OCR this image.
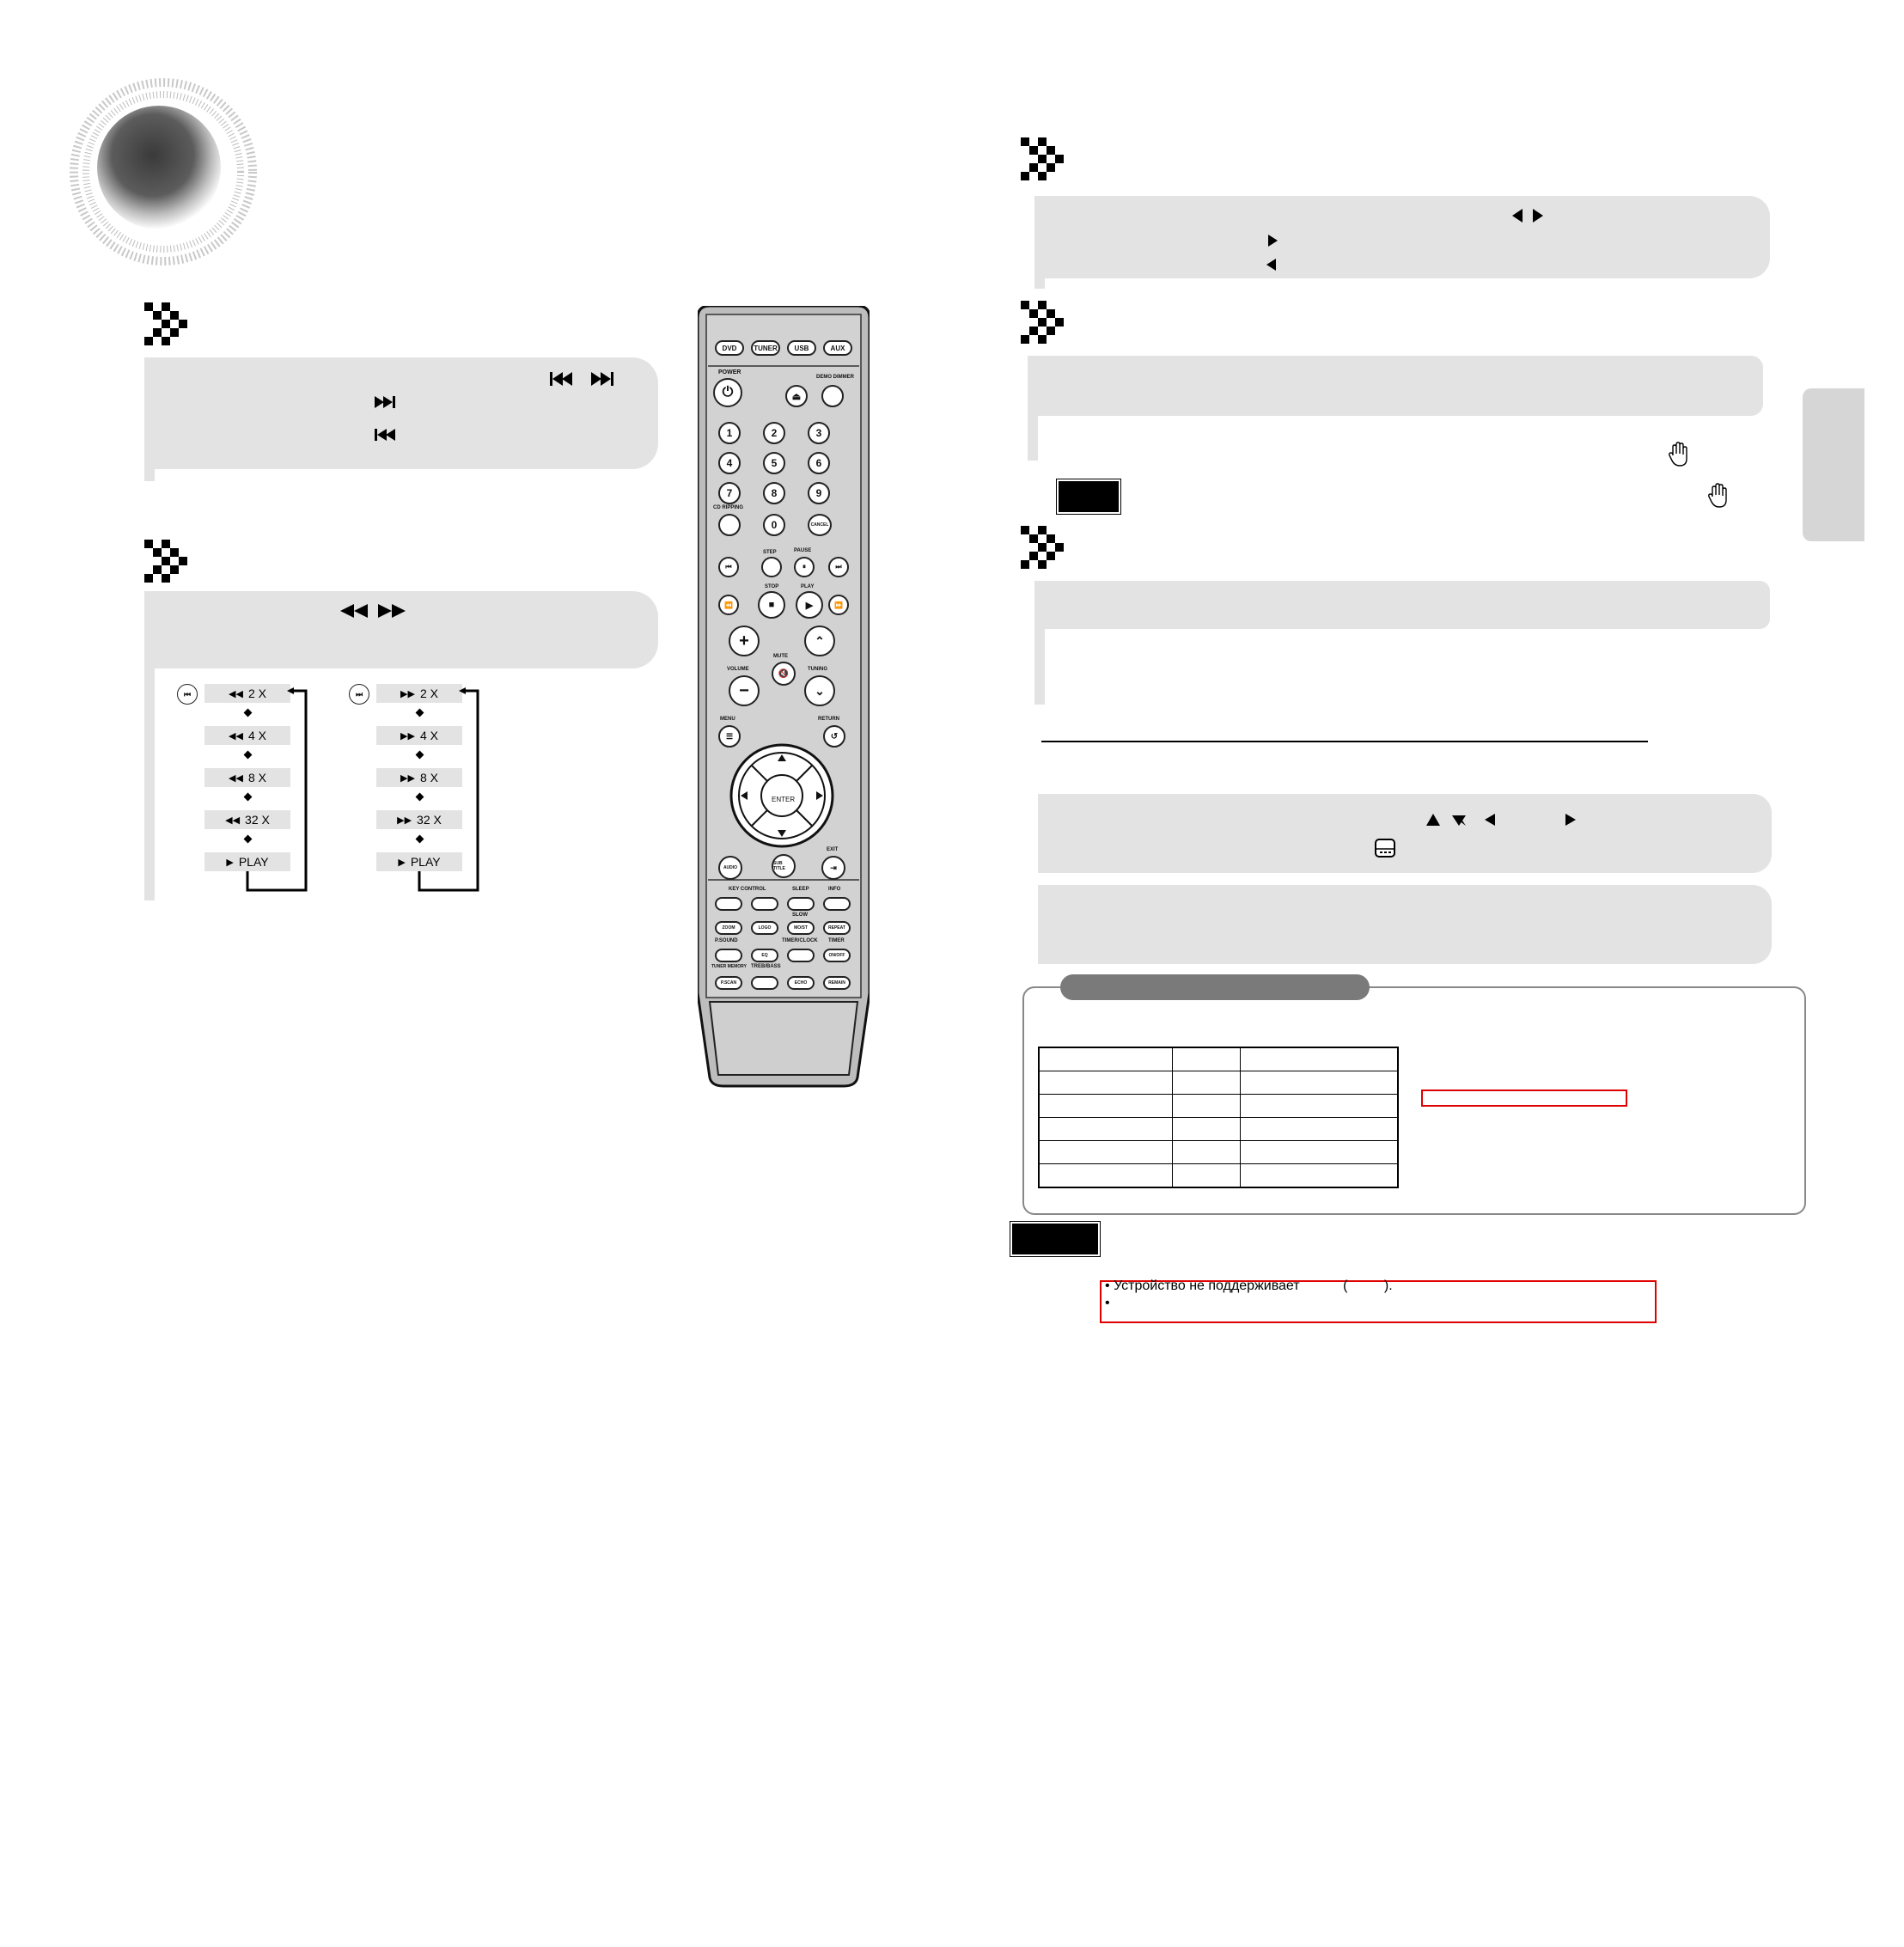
⏮	◀◀ 2 X
◀◀ 4 X
◀◀ 8 X
◀◀ 32 X
▶ PLAY
⏭	▶▶ 2 X
▶▶ 4 X
▶▶ 8 X
▶▶ 32 X
▶ PLAY
DVD	TUNER	USB	AUX
POWER
⏻	⏏
DEMO DIMMER
1	2	3
4	5	6
7	8	9
CD RIPPING
0	CANCEL
STEP	PAUSE
⏮	⏸	⏭
STOP	PLAY
⏪	■	▶	⏩
+	⌃
MUTE
🔇
VOLUME	TUNING
−	⌄
MENU	RETURN
☰	↺
ENTER
AUDIO
SUB TITLE
EXIT
⇥
KEY CONTROL	SLEEP	INFO
SLOW
ZOOM	LOGO	MO/ST	REPEAT
P.SOUND	TIMER/CLOCK TIMER
EQ	ON/OFF
TUNER MEMORY TREB/BASS
P.SCAN	ECHO	REMAIN

• Устройство не поддерживает	(	).
•
